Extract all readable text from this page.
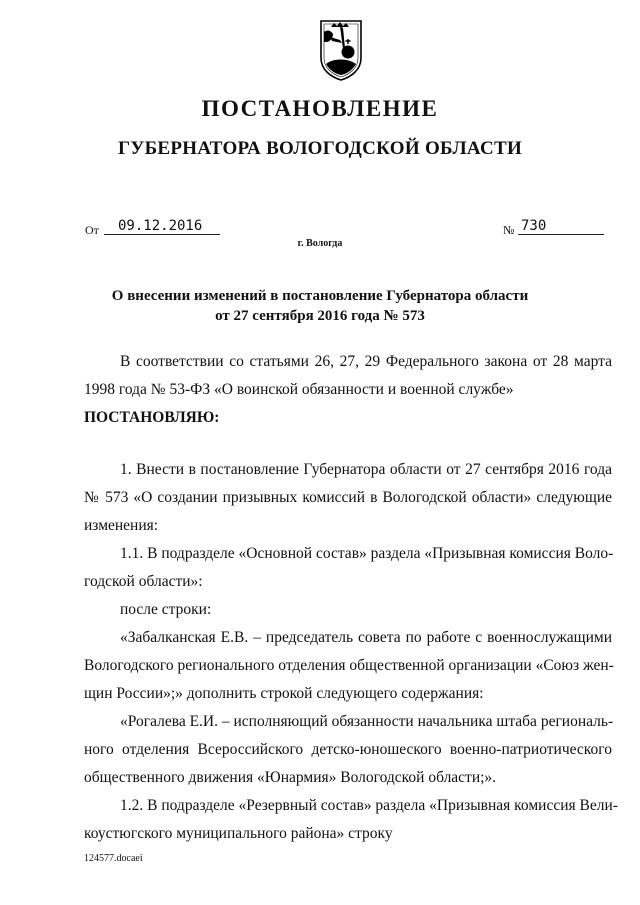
ПОСТАНОВЛЕНИЕ
ГУБЕРНАТОРА ВОЛОГОДСКОЙ ОБЛАСТИ
От	09.12.2016	№ 730
г. Вологда
О внесении изменений в постановление Губернатора области
от 27 сентября 2016 года № 573
В соответствии со статьями 26, 27, 29 Федерального закона от 28 марта
1998 года № 53-ФЗ «О воинской обязанности и военной службе»
ПОСТАНОВЛЯЮ:
1. Внести в постановление Губернатора области от 27 сентября 2016 года
№ 573 «О создании призывных комиссий в Вологодской области» следующие
изменения:
1.1. В подразделе «Основной состав» раздела «Призывная комиссия Воло-
годской области»:
после строки:
«Забалканская Е.В. – председатель совета по работе с военнослужащими
Вологодского регионального отделения общественной организации «Союз жен-
щин России»;» дополнить строкой следующего содержания:
«Рогалева Е.И. – исполняющий обязанности начальника штаба региональ-
ного отделения Всероссийского детско-юношеского военно-патриотического
общественного движения «Юнармия» Вологодской области;».
1.2. В подразделе «Резервный состав» раздела «Призывная комиссия Вели-
коустюгского муниципального района» строку
124577.docaei
